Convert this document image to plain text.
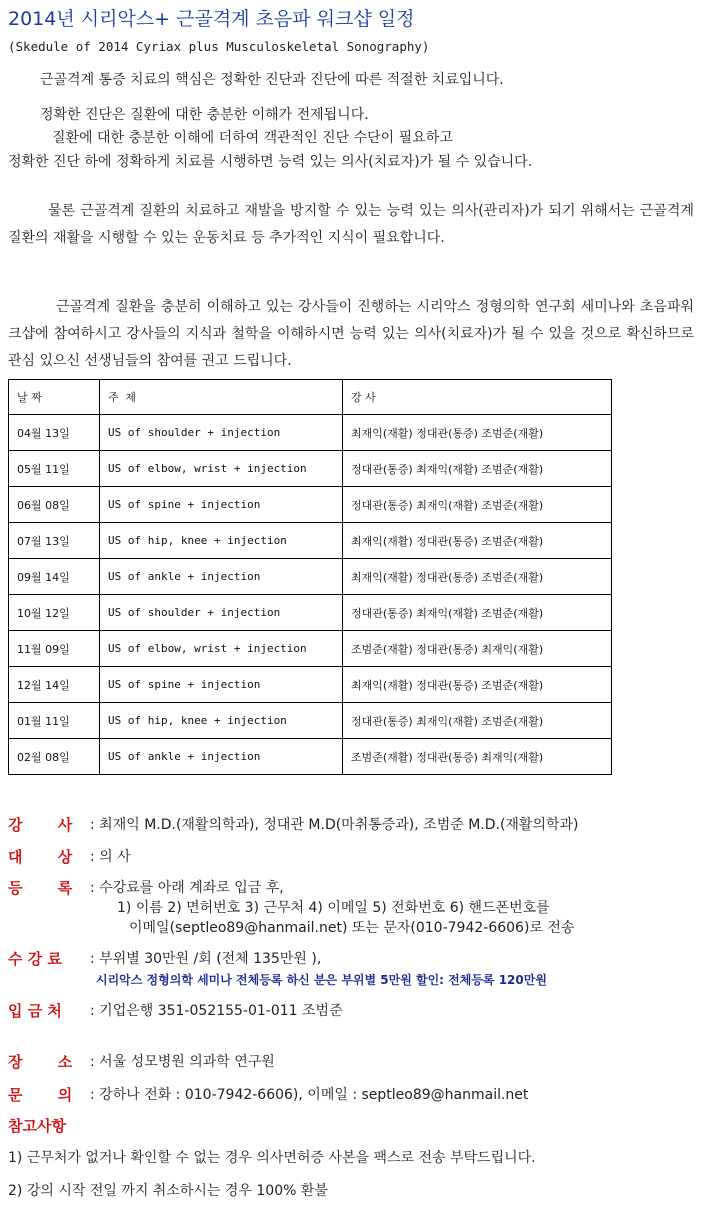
2014년 시리악스+ 근골격계 초음파 워크샵 일정
(Skedule of 2014 Cyriax plus Musculoskeletal Sonography)
근골격계 통증 치료의 핵심은 정확한 진단과 진단에 따른 적절한 치료입니다.
정확한 진단은 질환에 대한 충분한 이해가 전제됩니다.
질환에 대한 충분한 이해에 더하여 객관적인 진단 수단이 필요하고
정확한 진단 하에 정확하게 치료를 시행하면 능력 있는 의사(치료자)가 될 수 있습니다.
물론 근골격계 질환의 치료하고 재발을 방지할 수 있는 능력 있는 의사(관리자)가 되기 위해서는 근골격계 질환의 재활을 시행할 수 있는 운동치료 등 추가적인 지식이 필요합니다.
근골격계 질환을 충분히 이해하고 있는 강사들이 진행하는 시리악스 정형의학 연구회 세미나와 초음파워크샵에 참여하시고 강사들의 지식과 철학을 이해하시면 능력 있는 의사(치료자)가 될 수 있을 것으로 확신하므로 관심 있으신 선생님들의 참여를 권고 드립니다.
날 짜	주 제	강 사
04월 13일	US of shoulder + injection	최재익(재활) 정대관(통증) 조범준(재활)
05월 11일	US of elbow, wrist + injection	정대관(통증) 최재익(재활) 조범준(재활)
06월 08일	US of spine + injection	정대관(통증) 최재익(재활) 조범준(재활)
07월 13일	US of hip, knee + injection	최재익(재활) 정대관(통증) 조범준(재활)
09월 14일	US of ankle + injection	최재익(재활) 정대관(통증) 조범준(재활)
10월 12일	US of shoulder + injection	정대관(통증) 최재익(재활) 조범준(재활)
11월 09일	US of elbow, wrist + injection	조범준(재활) 정대관(통증) 최재익(재활)
12월 14일	US of spine + injection	최재익(재활) 정대관(통증) 조범준(재활)
01월 11일	US of hip, knee + injection	정대관(통증) 최재익(재활) 조범준(재활)
02월 08일	US of ankle + injection	조범준(재활) 정대관(통증) 최재익(재활)
강 사 : 최재익 M.D.(재활의학과), 정대관 M.D(마취통증과), 조범준 M.D.(재활의학과)
대 상 : 의 사
등 록 : 수강료를 아래 계좌로 입금 후,
1) 이름 2) 면허번호 3) 근무처 4) 이메일 5) 전화번호 6) 핸드폰번호를
이메일(septleo89@hanmail.net) 또는 문자(010-7942-6606)로 전송
수 강 료 : 부위별 30만원 /회 (전체 135만원 ),
시리악스 정형의학 세미나 전체등록 하신 분은 부위별 5만원 할인: 전체등록 120만원
입 금 처 : 기업은행 351-052155-01-011 조범준
장 소 : 서울 성모병원 의과학 연구원
문 의 : 강하나 전화 : 010-7942-6606), 이메일 : septleo89@hanmail.net
참고사항
1) 근무처가 없거나 확인할 수 없는 경우 의사면허증 사본을 팩스로 전송 부탁드립니다.
2) 강의 시작 전일 까지 취소하시는 경우 100% 환불
